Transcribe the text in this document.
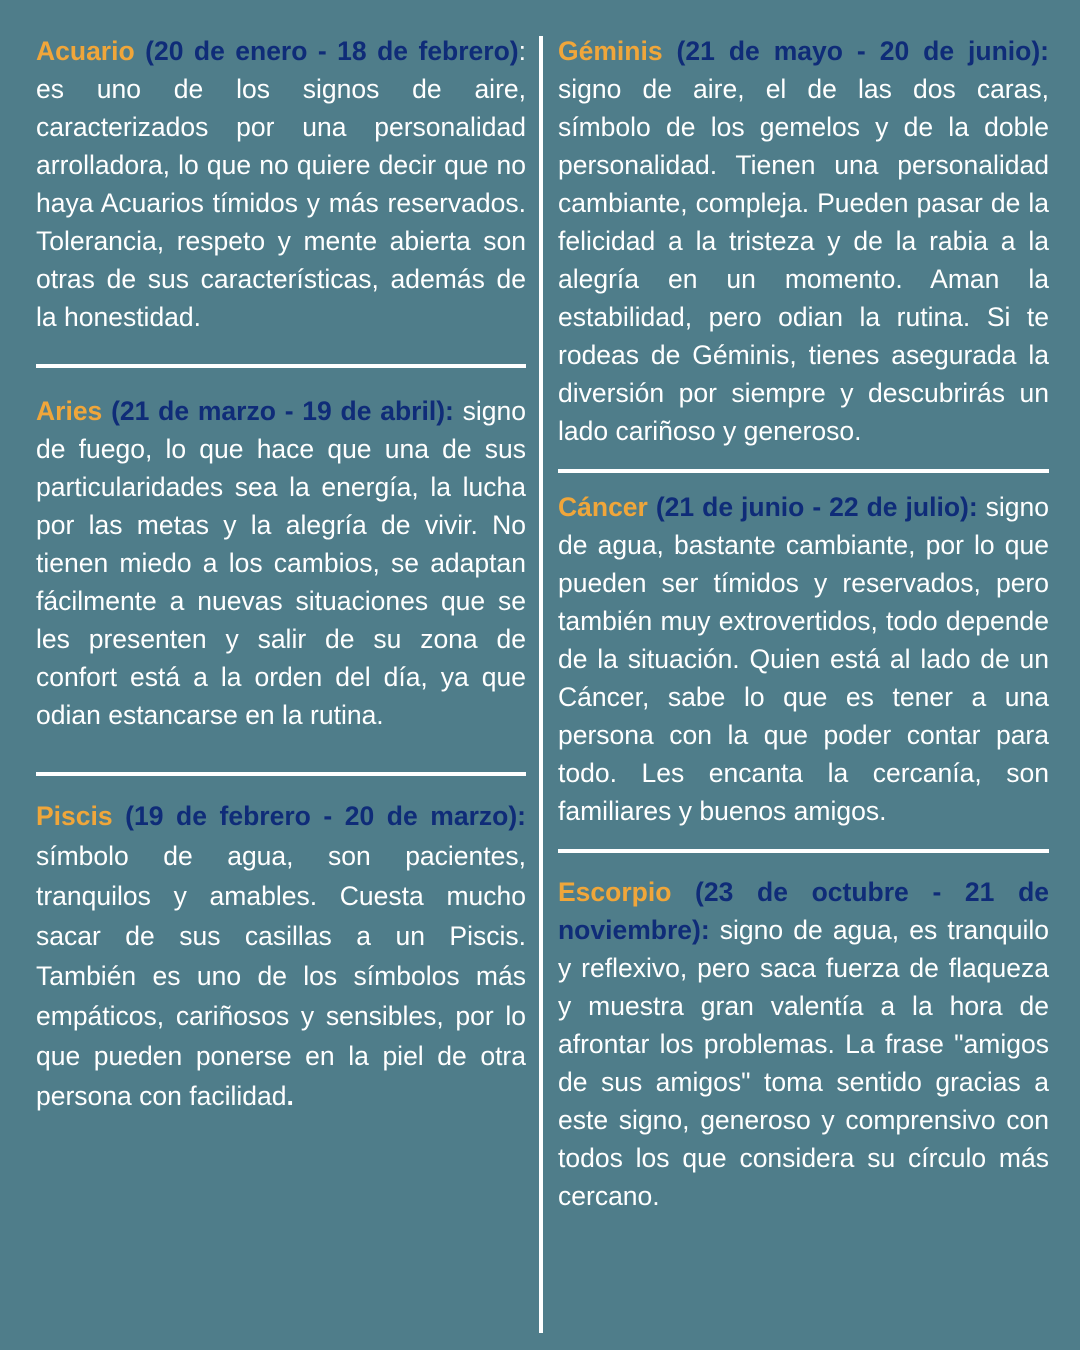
Acuario (20 de enero - 18 de febrero): es uno de los signos de aire, caracterizados por una personalidad arrolladora, lo que no quiere decir que no haya Acuarios tímidos y más reservados. Tolerancia, respeto y mente abierta son otras de sus características, además de la honestidad.

Aries (21 de marzo - 19 de abril): signo de fuego, lo que hace que una de sus particularidades sea la energía, la lucha por las metas y la alegría de vivir. No tienen miedo a los cambios, se adaptan fácilmente a nuevas situaciones que se les presenten y salir de su zona de confort está a la orden del día, ya que odian estancarse en la rutina.

Piscis (19 de febrero - 20 de marzo): símbolo de agua, son pacientes, tranquilos y amables. Cuesta mucho sacar de sus casillas a un Piscis. También es uno de los símbolos más empáticos, cariñosos y sensibles, por lo que pueden ponerse en la piel de otra persona con facilidad.

Géminis (21 de mayo - 20 de junio): signo de aire, el de las dos caras, símbolo de los gemelos y de la doble personalidad. Tienen una personalidad cambiante, compleja. Pueden pasar de la felicidad a la tristeza y de la rabia a la alegría en un momento. Aman la estabilidad, pero odian la rutina. Si te rodeas de Géminis, tienes asegurada la diversión por siempre y descubrirás un lado cariñoso y generoso.

Cáncer (21 de junio - 22 de julio): signo de agua, bastante cambiante, por lo que pueden ser tímidos y reservados, pero también muy extrovertidos, todo depende de la situación. Quien está al lado de un Cáncer, sabe lo que es tener a una persona con la que poder contar para todo. Les encanta la cercanía, son familiares y buenos amigos.

Escorpio (23 de octubre - 21 de noviembre): signo de agua, es tranquilo y reflexivo, pero saca fuerza de flaqueza y muestra gran valentía a la hora de afrontar los problemas. La frase "amigos de sus amigos" toma sentido gracias a este signo, generoso y comprensivo con todos los que considera su círculo más cercano.
